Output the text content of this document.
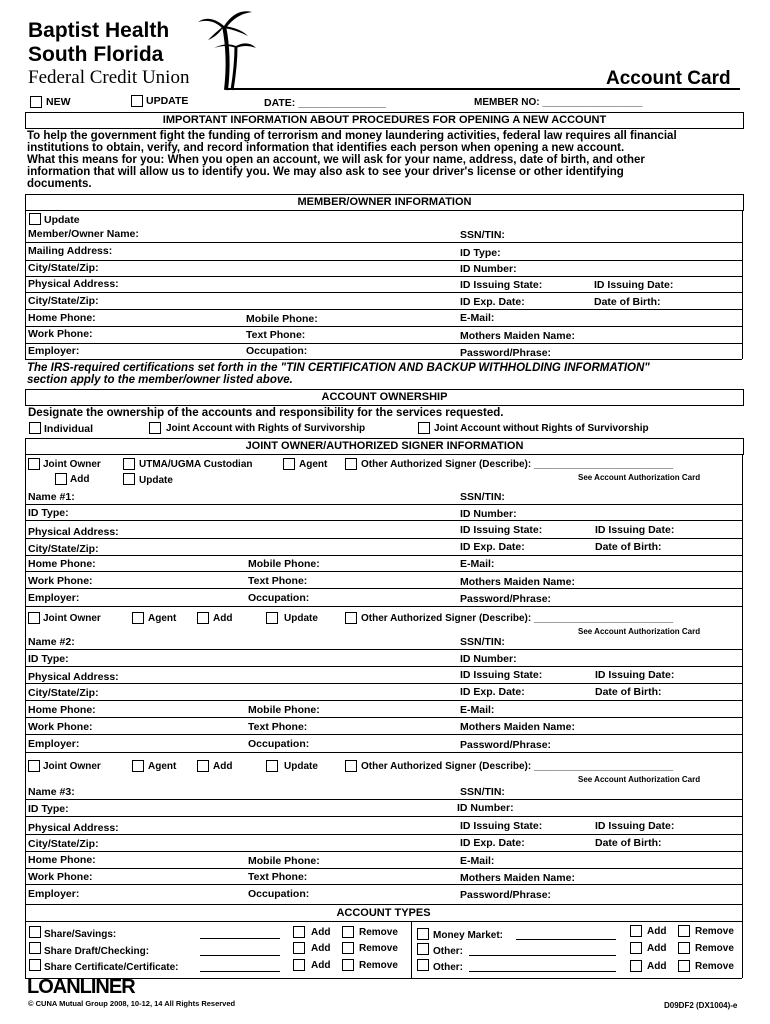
Baptist Health
South Florida
Federal Credit Union	Account Card
NEW	UPDATE	DATE: _______________	MEMBER NO: __________________
IMPORTANT INFORMATION ABOUT PROCEDURES FOR OPENING A NEW ACCOUNT
To help the government fight the funding of terrorism and money laundering activities, federal law requires all financial
institutions to obtain, verify, and record information that identifies each person when opening a new account.
What this means for you: When you open an account, we will ask for your name, address, date of birth, and other
information that will allow us to identify you. We may also ask to see your driver's license or other identifying
documents.
MEMBER/OWNER INFORMATION
Update
Member/Owner Name:	SSN/TIN:
Mailing Address:	ID Type:
City/State/Zip:	ID Number:
Physical Address:	ID Issuing State:	ID Issuing Date:
City/State/Zip:	ID Exp. Date:	Date of Birth:
Home Phone:	Mobile Phone:	E-Mail:
Work Phone:	Text Phone:	Mothers Maiden Name:
Employer:	Occupation:	Password/Phrase:
The IRS-required certifications set forth in the "TIN CERTIFICATION AND BACKUP WITHHOLDING INFORMATION"
section apply to the member/owner listed above.
ACCOUNT OWNERSHIP
Designate the ownership of the accounts and responsibility for the services requested.
Individual	Joint Account with Rights of Survivorship	Joint Account without Rights of Survivorship
JOINT OWNER/AUTHORIZED SIGNER INFORMATION
Joint Owner	UTMA/UGMA Custodian	Agent	Other Authorized Signer (Describe): _________________________
Add	Update	See Account Authorization Card
Name #1:	SSN/TIN:
ID Type:	ID Number:
Physical Address:	ID Issuing State:	ID Issuing Date:
City/State/Zip:	ID Exp. Date:	Date of Birth:
Home Phone:	Mobile Phone:	E-Mail:
Work Phone:	Text Phone:	Mothers Maiden Name:
Employer:	Occupation:	Password/Phrase:
Joint Owner	Agent	Add	Update	Other Authorized Signer (Describe): _________________________
See Account Authorization Card
Name #2:	SSN/TIN:
ID Type:	ID Number:
Physical Address:	ID Issuing State:	ID Issuing Date:
City/State/Zip:	ID Exp. Date:	Date of Birth:
Home Phone:	Mobile Phone:	E-Mail:
Work Phone:	Text Phone:	Mothers Maiden Name:
Employer:	Occupation:	Password/Phrase:
Joint Owner	Agent	Add	Update	Other Authorized Signer (Describe): _________________________
See Account Authorization Card
Name #3:	SSN/TIN:
ID Type:	ID Number:
Physical Address:	ID Issuing State:	ID Issuing Date:
City/State/Zip:	ID Exp. Date:	Date of Birth:
Home Phone:	Mobile Phone:	E-Mail:
Work Phone:	Text Phone:	Mothers Maiden Name:
Employer:	Occupation:	Password/Phrase:
ACCOUNT TYPES
Share/Savings:	Add	Remove
Share Draft/Checking:	Add	Remove
Share Certificate/Certificate:	Add	Remove
Money Market:	Add	Remove
Other:	Add	Remove
Other:	Add	Remove
LOANLINER
© CUNA Mutual Group 2008, 10-12, 14 All Rights Reserved	D09DF2 (DX1004)-e
